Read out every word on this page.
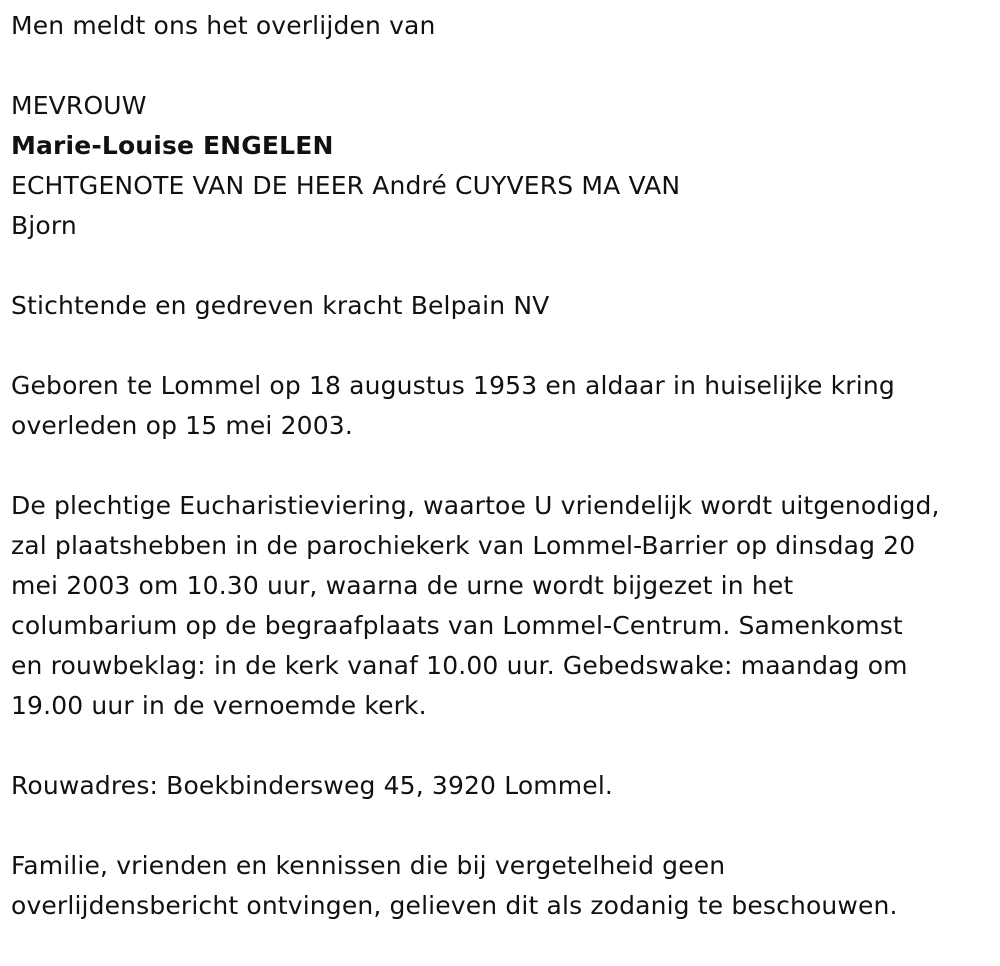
Men meldt ons het overlijden van
MEVROUW
Marie-Louise ENGELEN
ECHTGENOTE VAN DE HEER André CUYVERS MA VAN
Bjorn
Stichtende en gedreven kracht Belpain NV
Geboren te Lommel op 18 augustus 1953 en aldaar in huiselijke kring
overleden op 15 mei 2003.
De plechtige Eucharistieviering, waartoe U vriendelijk wordt uitgenodigd,
zal plaatshebben in de parochiekerk van Lommel-Barrier op dinsdag 20
mei 2003 om 10.30 uur, waarna de urne wordt bijgezet in het
columbarium op de begraafplaats van Lommel-Centrum. Samenkomst
en rouwbeklag: in de kerk vanaf 10.00 uur. Gebedswake: maandag om
19.00 uur in de vernoemde kerk.
Rouwadres: Boekbindersweg 45, 3920 Lommel.
Familie, vrienden en kennissen die bij vergetelheid geen
overlijdensbericht ontvingen, gelieven dit als zodanig te beschouwen.
